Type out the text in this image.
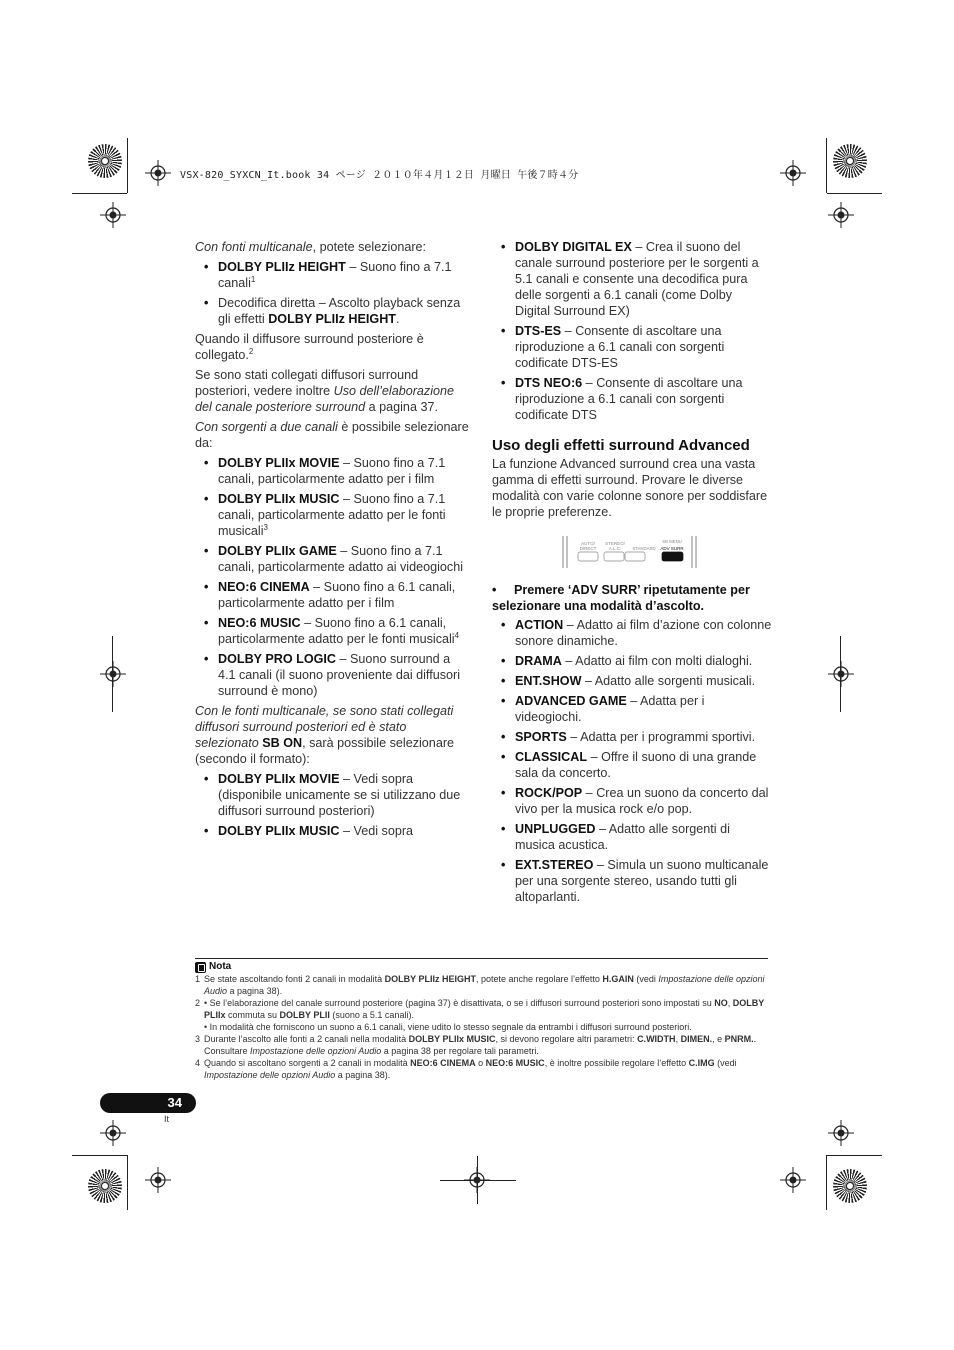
VSX-820_SYXCN_It.book 34 ページ ２０１０年４月１２日 月曜日 午後７時４分

Con fonti multicanale, potete selezionare:

• DOLBY PLIIz HEIGHT – Suono fino a 7.1 canali$^1$
• Decodifica diretta – Ascolto playback senza gli effetti DOLBY PLIIz HEIGHT.

Quando il diffusore surround posteriore è collegato.$^2$

Se sono stati collegati diffusori surround posteriori, vedere inoltre Uso dell’elaborazione del canale posteriore surround a pagina 37.

Con sorgenti a due canali è possibile selezionare da:

• DOLBY PLIIx MOVIE – Suono fino a 7.1 canali, particolarmente adatto per i film
• DOLBY PLIIx MUSIC – Suono fino a 7.1 canali, particolarmente adatto per le fonti musicali$^3$
• DOLBY PLIIx GAME – Suono fino a 7.1 canali, particolarmente adatto ai videogiochi
• NEO:6 CINEMA – Suono fino a 6.1 canali, particolarmente adatto per i film
• NEO:6 MUSIC – Suono fino a 6.1 canali, particolarmente adatto per le fonti musicali$^4$
• DOLBY PRO LOGIC – Suono surround a 4.1 canali (il suono proveniente dai diffusori surround è mono)

Con le fonti multicanale, se sono stati collegati diffusori surround posteriori ed è stato selezionato SB ON, sarà possibile selezionare (secondo il formato):

• DOLBY PLIIx MOVIE – Vedi sopra (disponibile unicamente se si utilizzano due diffusori surround posteriori)
• DOLBY PLIIx MUSIC – Vedi sopra
• DOLBY DIGITAL EX – Crea il suono del canale surround posteriore per le sorgenti a 5.1 canali e consente una decodifica pura delle sorgenti a 6.1 canali (come Dolby Digital Surround EX)
• DTS-ES – Consente di ascoltare una riproduzione a 6.1 canali con sorgenti codificate DTS-ES
• DTS NEO:6 – Consente di ascoltare una riproduzione a 6.1 canali con sorgenti codificate DTS
Uso degli effetti surround Advanced

La funzione Advanced surround crea una vasta gamma di effetti surround. Provare le diverse modalità con varie colonne sonore per soddisfare le proprie preferenze.

AUTO/
DIRECT
STEREO/
A.L.C.	STANDARD
SB MENU
ADV SURR

• Premere ‘ADV SURR’ ripetutamente per selezionare una modalità d’ascolto.

• ACTION – Adatto ai film d’azione con colonne sonore dinamiche.
• DRAMA – Adatto ai film con molti dialoghi.
• ENT.SHOW – Adatto alle sorgenti musicali.
• ADVANCED GAME – Adatta per i videogiochi.
• SPORTS – Adatta per i programmi sportivi.
• CLASSICAL – Offre il suono di una grande sala da concerto.
• ROCK/POP – Crea un suono da concerto dal vivo per la musica rock e/o pop.
• UNPLUGGED – Adatto alle sorgenti di musica acustica.
• EXT.STEREO – Simula un suono multicanale per una sorgente stereo, usando tutti gli altoparlanti.
Nota
1 Se state ascoltando fonti 2 canali in modalità DOLBY PLIIz HEIGHT, potete anche regolare l’effetto H.GAIN (vedi Impostazione delle opzioni Audio a pagina 38).
2 • Se l’elaborazione del canale surround posteriore (pagina 37) è disattivata, o se i diffusori surround posteriori sono impostati su NO, DOLBY PLIIx commuta su DOLBY PLII (suono a 5.1 canali).
• In modalità che forniscono un suono a 6.1 canali, viene udito lo stesso segnale da entrambi i diffusori surround posteriori.
3 Durante l’ascolto alle fonti a 2 canali nella modalità DOLBY PLIIx MUSIC, si devono regolare altri parametri: C.WIDTH, DIMEN., e PNRM.. Consultare Impostazione delle opzioni Audio a pagina 38 per regolare tali parametri.
4 Quando si ascoltano sorgenti a 2 canali in modalità NEO:6 CINEMA o NEO:6 MUSIC, è inoltre possibile regolare l’effetto C.IMG (vedi Impostazione delle opzioni Audio a pagina 38).
34
It
